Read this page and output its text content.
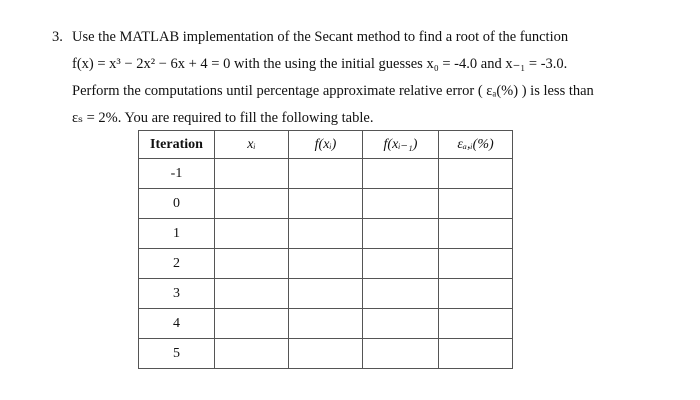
3. Use the MATLAB implementation of the Secant method to find a root of the function
f(x) = x³ − 2x² − 6x + 4 = 0 with the using the initial guesses x₀ = -4.0 and x₋₁ = -3.0.
Perform the computations until percentage approximate relative error ( εₐ(%) ) is less than
εₛ = 2%. You are required to fill the following table.
Iteration	xᵢ	f(xᵢ)	f(xᵢ₋₁)	εₐ,ᵢ(%)
-1				
0				
1				
2				
3				
4				
5				
